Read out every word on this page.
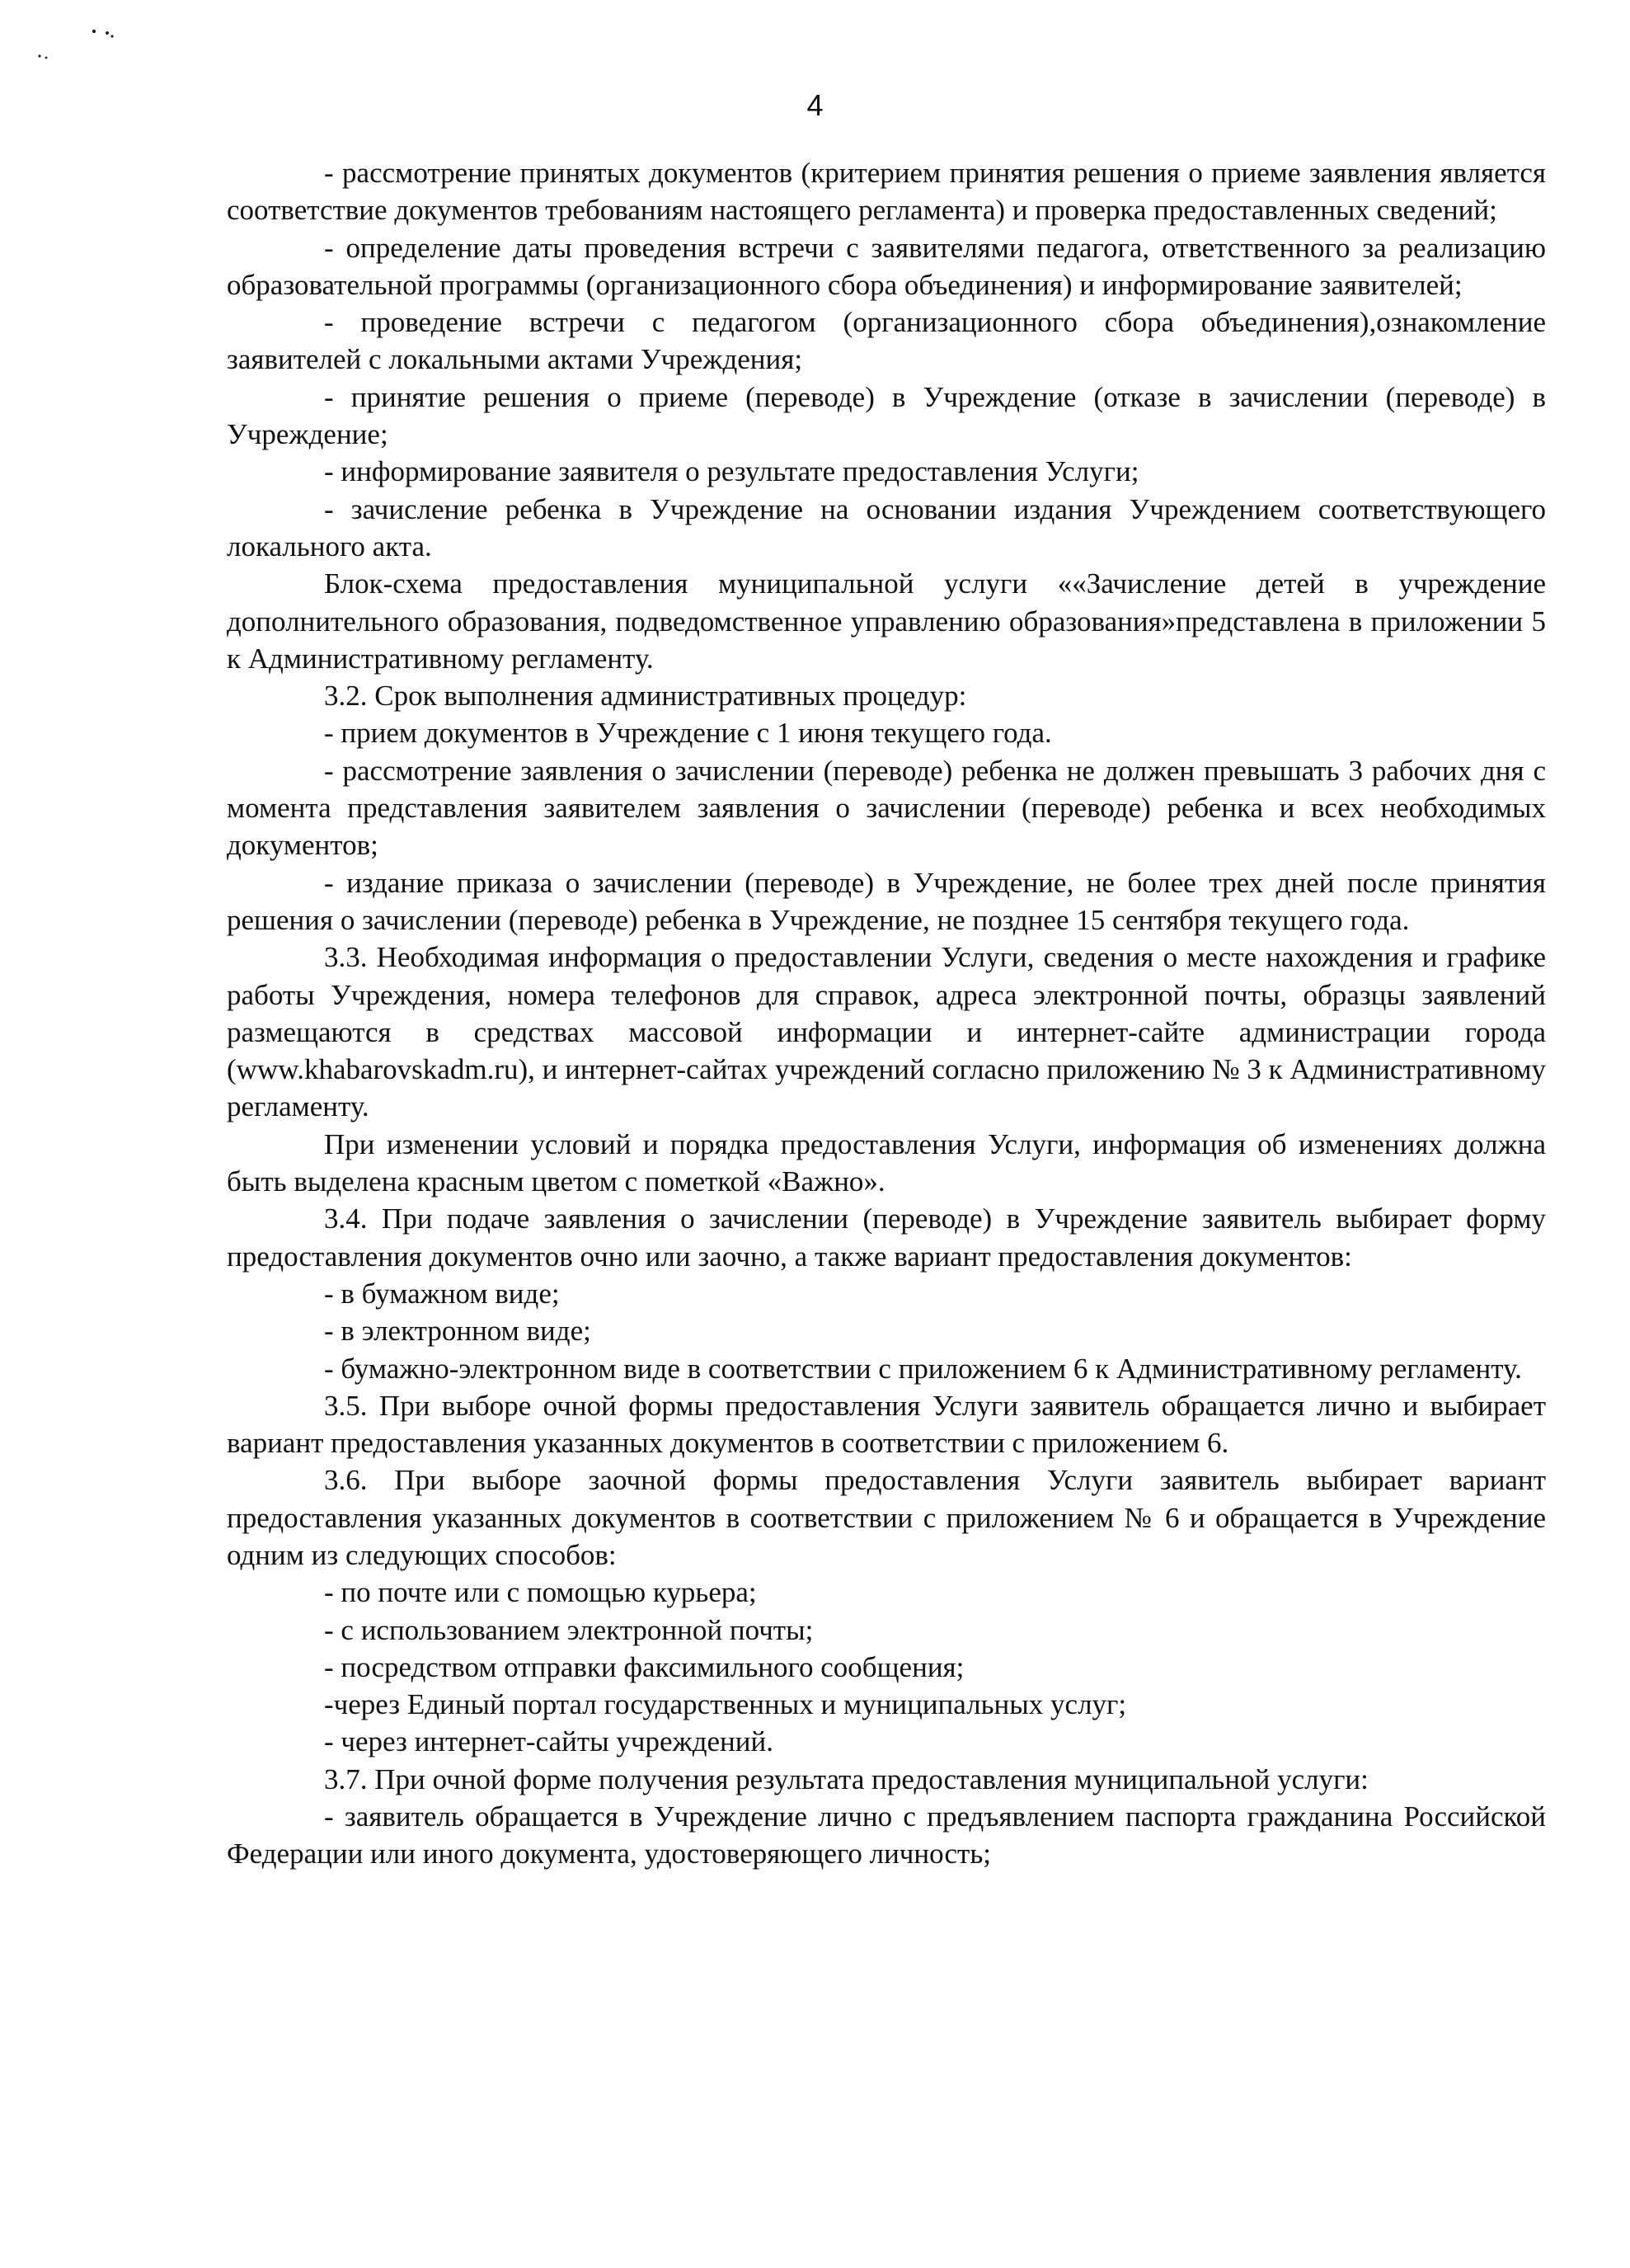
4

- рассмотрение принятых документов (критерием принятия решения о приеме заявления является соответствие документов требованиям настоящего регламента) и проверка предоставленных сведений;

- определение даты проведения встречи с заявителями педагога, ответственного за реализацию образовательной программы (организационного сбора объединения) и информирование заявителей;

- проведение встречи с педагогом (организационного сбора объединения),ознакомление заявителей с локальными актами Учреждения;

- принятие решения о приеме (переводе) в Учреждение (отказе в зачислении (переводе) в Учреждение;

- информирование заявителя о результате предоставления Услуги;

- зачисление ребенка в Учреждение на основании издания Учреждением соответствующего локального акта.

Блок-схема предоставления муниципальной услуги ««Зачисление детей в учреждение дополнительного образования, подведомственное управлению образования»представлена в приложении 5 к Административному регламенту.

3.2. Срок выполнения административных процедур:

- прием документов в Учреждение с 1 июня текущего года.

- рассмотрение заявления о зачислении (переводе) ребенка не должен превышать 3 рабочих дня с момента представления заявителем заявления о зачислении (переводе) ребенка и всех необходимых документов;

- издание приказа о зачислении (переводе) в Учреждение, не более трех дней после принятия решения о зачислении (переводе) ребенка в Учреждение, не позднее 15 сентября текущего года.

3.3. Необходимая информация о предоставлении Услуги, сведения о месте нахождения и графике работы Учреждения, номера телефонов для справок, адреса электронной почты, образцы заявлений размещаются в средствах массовой информации и интернет-сайте администрации города (www.khabarovskadm.ru), и интернет-сайтах учреждений согласно приложению № 3 к Административному регламенту.

При изменении условий и порядка предоставления Услуги, информация об изменениях должна быть выделена красным цветом с пометкой «Важно».

3.4. При подаче заявления о зачислении (переводе) в Учреждение заявитель выбирает форму предоставления документов очно или заочно, а также вариант предоставления документов:

- в бумажном виде;

- в электронном виде;

- бумажно-электронном виде в соответствии с приложением 6 к Административному регламенту.

3.5. При выборе очной формы предоставления Услуги заявитель обращается лично и выбирает вариант предоставления указанных документов в соответствии с приложением 6.

3.6. При выборе заочной формы предоставления Услуги заявитель выбирает вариант предоставления указанных документов в соответствии с приложением № 6 и обращается в Учреждение одним из следующих способов:

- по почте или с помощью курьера;

- с использованием электронной почты;

- посредством отправки факсимильного сообщения;

-через Единый портал государственных и муниципальных услуг;

- через интернет-сайты учреждений.

3.7. При очной форме получения результата предоставления муниципальной услуги:

- заявитель обращается в Учреждение лично с предъявлением паспорта гражданина Российской Федерации или иного документа, удостоверяющего личность;
